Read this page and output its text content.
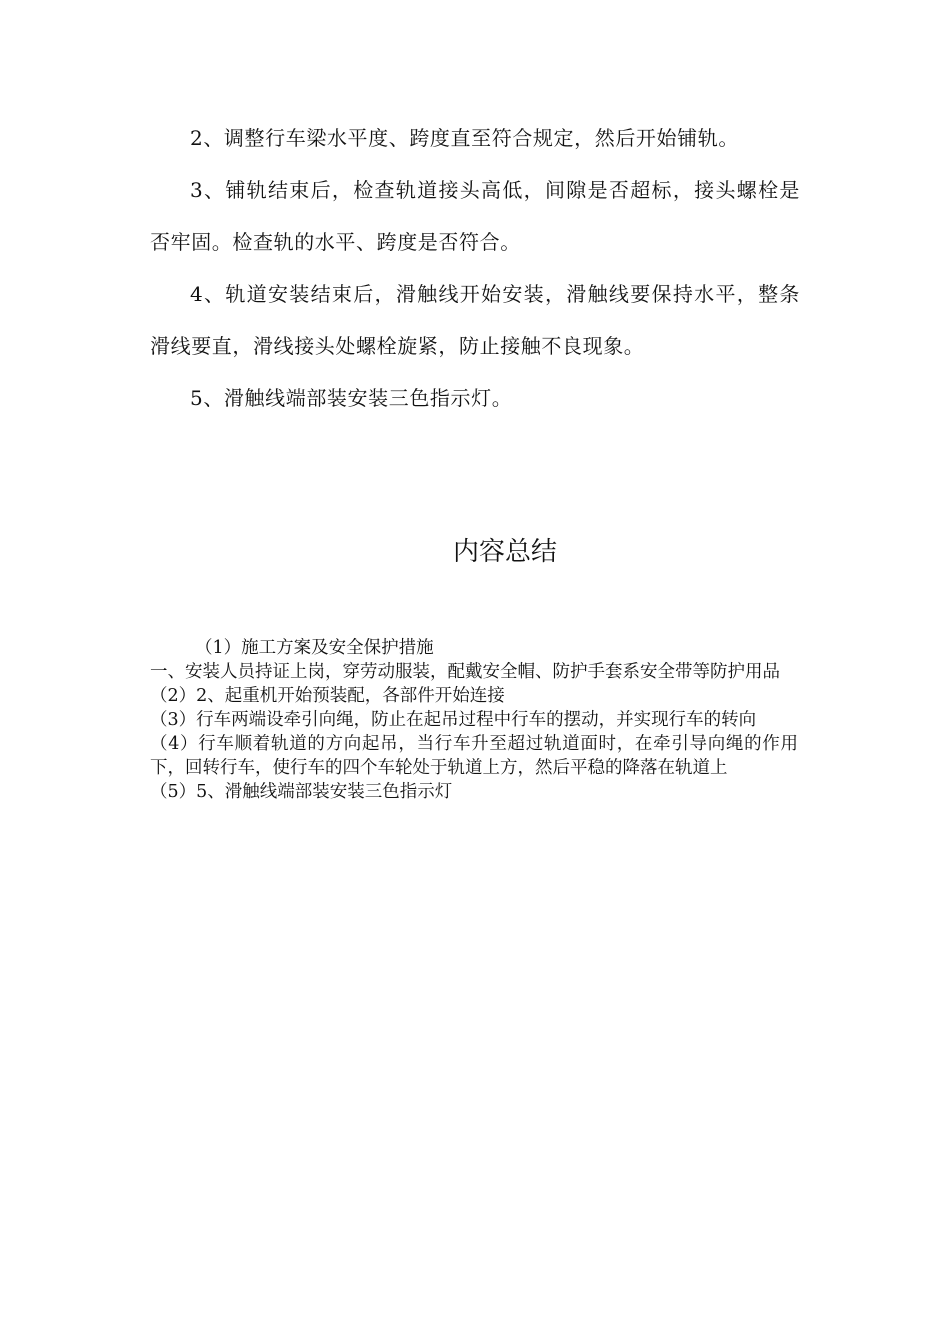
2、调整行车梁水平度、跨度直至符合规定，然后开始铺轨。

3、铺轨结束后，检查轨道接头高低，间隙是否超标，接头螺栓是否牢固。检查轨的水平、跨度是否符合。

4、轨道安装结束后，滑触线开始安装，滑触线要保持水平，整条滑线要直，滑线接头处螺栓旋紧，防止接触不良现象。

5、滑触线端部装安装三色指示灯。

内容总结

（1）施工方案及安全保护措施

一、安装人员持证上岗，穿劳动服装，配戴安全帽、防护手套系安全带等防护用品

（2）2、起重机开始预装配，各部件开始连接

（3）行车两端设牵引向绳，防止在起吊过程中行车的摆动，并实现行车的转向

（4）行车顺着轨道的方向起吊，当行车升至超过轨道面时，在牵引导向绳的作用下，回转行车，使行车的四个车轮处于轨道上方，然后平稳的降落在轨道上

（5）5、滑触线端部装安装三色指示灯
